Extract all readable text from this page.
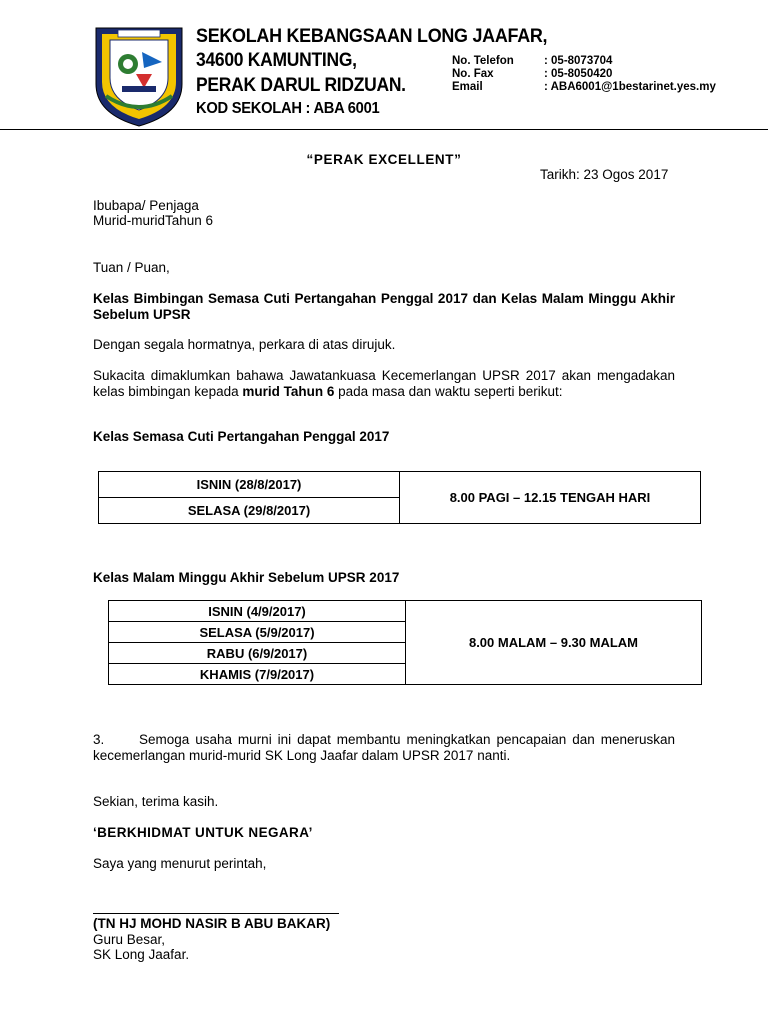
SEKOLAH KEBANGSAAN LONG JAAFAR,
34600 KAMUNTING,
PERAK DARUL RIDZUAN.
KOD SEKOLAH : ABA 6001
No. Telefon	: 05-8073704
No. Fax	: 05-8050420
Email	: ABA6001@1bestarinet.yes.my
“PERAK EXCELLENT”
Tarikh: 23 Ogos 2017
Ibubapa/ Penjaga
Murid-muridTahun 6
Tuan / Puan,
Kelas Bimbingan Semasa Cuti Pertangahan Penggal 2017 dan Kelas Malam Minggu Akhir Sebelum UPSR
Dengan segala hormatnya, perkara di atas dirujuk.
Sukacita dimaklumkan bahawa Jawatankuasa Kecemerlangan UPSR 2017 akan mengadakan kelas bimbingan kepada murid Tahun 6 pada masa dan waktu seperti berikut:
Kelas Semasa Cuti Pertangahan Penggal 2017
ISNIN (28/8/2017)	8.00 PAGI – 12.15 TENGAH HARI
SELASA (29/8/2017)
Kelas Malam Minggu Akhir Sebelum UPSR 2017
ISNIN (4/9/2017)	8.00 MALAM – 9.30 MALAM
SELASA (5/9/2017)
RABU (6/9/2017)
KHAMIS (7/9/2017)
3.	Semoga usaha murni ini dapat membantu meningkatkan pencapaian dan meneruskan kecemerlangan murid-murid SK Long Jaafar dalam UPSR 2017 nanti.
Sekian, terima kasih.
‘BERKHIDMAT UNTUK NEGARA’
Saya yang menurut perintah,
(TN HJ MOHD NASIR B ABU BAKAR)
Guru Besar,
SK Long Jaafar.
